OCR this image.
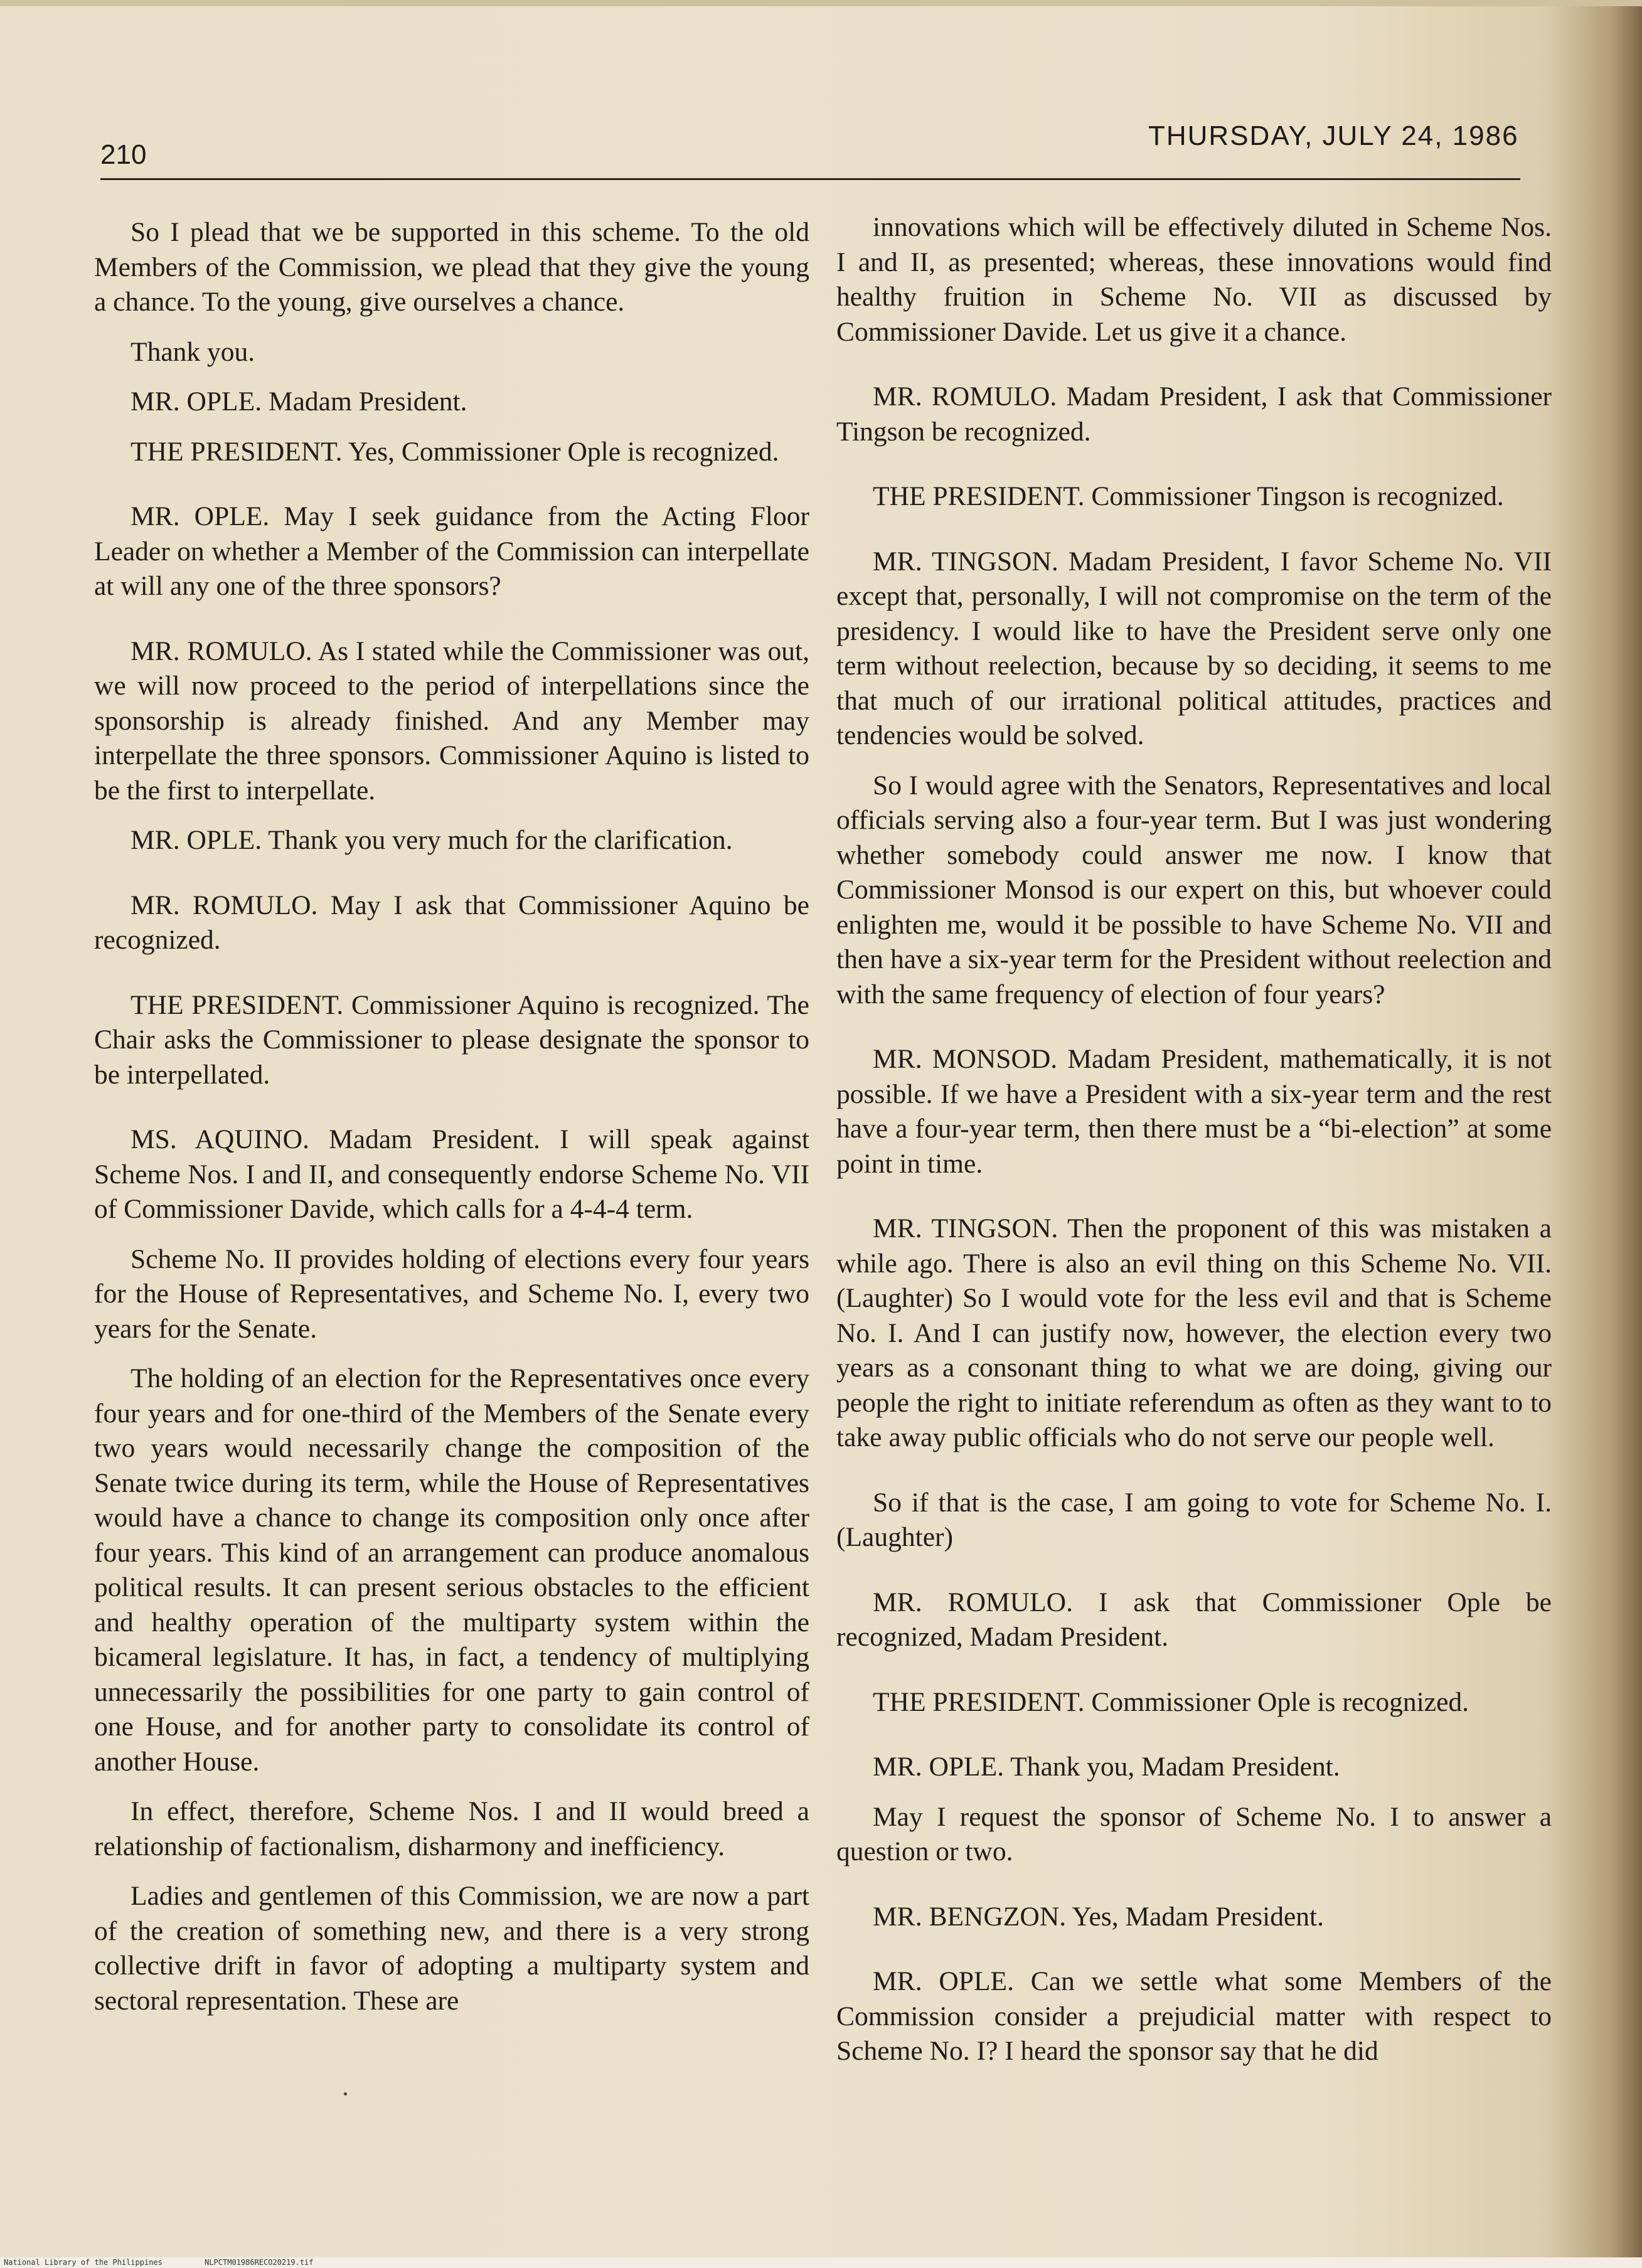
210
THURSDAY, JULY 24, 1986

So I plead that we be supported in this scheme. To the old Members of the Commission, we plead that they give the young a chance. To the young, give ourselves a chance.

Thank you.

MR. OPLE. Madam President.

THE PRESIDENT. Yes, Commissioner Ople is recognized.

MR. OPLE. May I seek guidance from the Acting Floor Leader on whether a Member of the Commission can interpellate at will any one of the three sponsors?

MR. ROMULO. As I stated while the Commissioner was out, we will now proceed to the period of interpellations since the sponsorship is already finished. And any Member may interpellate the three sponsors. Commissioner Aquino is listed to be the first to interpellate.

MR. OPLE. Thank you very much for the clarification.

MR. ROMULO. May I ask that Commissioner Aquino be recognized.

THE PRESIDENT. Commissioner Aquino is recognized. The Chair asks the Commissioner to please designate the sponsor to be interpellated.

MS. AQUINO. Madam President. I will speak against Scheme Nos. I and II, and consequently endorse Scheme No. VII of Commissioner Davide, which calls for a 4-4-4 term.

Scheme No. II provides holding of elections every four years for the House of Representatives, and Scheme No. I, every two years for the Senate.

The holding of an election for the Representatives once every four years and for one-third of the Members of the Senate every two years would necessarily change the composition of the Senate twice during its term, while the House of Representatives would have a chance to change its composition only once after four years. This kind of an arrangement can produce anomalous political results. It can present serious obstacles to the efficient and healthy operation of the multiparty system within the bicameral legislature. It has, in fact, a tendency of multiplying unnecessarily the possibilities for one party to gain control of one House, and for another party to consolidate its control of another House.

In effect, therefore, Scheme Nos. I and II would breed a relationship of factionalism, disharmony and inefficiency.

Ladies and gentlemen of this Commission, we are now a part of the creation of something new, and there is a very strong collective drift in favor of adopting a multiparty system and sectoral representation. These are

innovations which will be effectively diluted in Scheme Nos. I and II, as presented; whereas, these innovations would find healthy fruition in Scheme No. VII as discussed by Commissioner Davide. Let us give it a chance.

MR. ROMULO. Madam President, I ask that Commissioner Tingson be recognized.

THE PRESIDENT. Commissioner Tingson is recognized.

MR. TINGSON. Madam President, I favor Scheme No. VII except that, personally, I will not compromise on the term of the presidency. I would like to have the President serve only one term without reelection, because by so deciding, it seems to me that much of our irrational political attitudes, practices and tendencies would be solved.

So I would agree with the Senators, Representatives and local officials serving also a four-year term. But I was just wondering whether somebody could answer me now. I know that Commissioner Monsod is our expert on this, but whoever could enlighten me, would it be possible to have Scheme No. VII and then have a six-year term for the President without reelection and with the same frequency of election of four years?

MR. MONSOD. Madam President, mathematically, it is not possible. If we have a President with a six-year term and the rest have a four-year term, then there must be a “bi-election” at some point in time.

MR. TINGSON. Then the proponent of this was mistaken a while ago. There is also an evil thing on this Scheme No. VII. (Laughter) So I would vote for the less evil and that is Scheme No. I. And I can justify now, however, the election every two years as a consonant thing to what we are doing, giving our people the right to initiate referendum as often as they want to to take away public officials who do not serve our people well.

So if that is the case, I am going to vote for Scheme No. I. (Laughter)

MR. ROMULO. I ask that Commissioner Ople be recognized, Madam President.

THE PRESIDENT. Commissioner Ople is recognized.

MR. OPLE. Thank you, Madam President.

May I request the sponsor of Scheme No. I to answer a question or two.

MR. BENGZON. Yes, Madam President.

MR. OPLE. Can we settle what some Members of the Commission consider a prejudicial matter with respect to Scheme No. I? I heard the sponsor say that he did

National Library of the Philippines	NLPCTM01986RECO20219.tif
